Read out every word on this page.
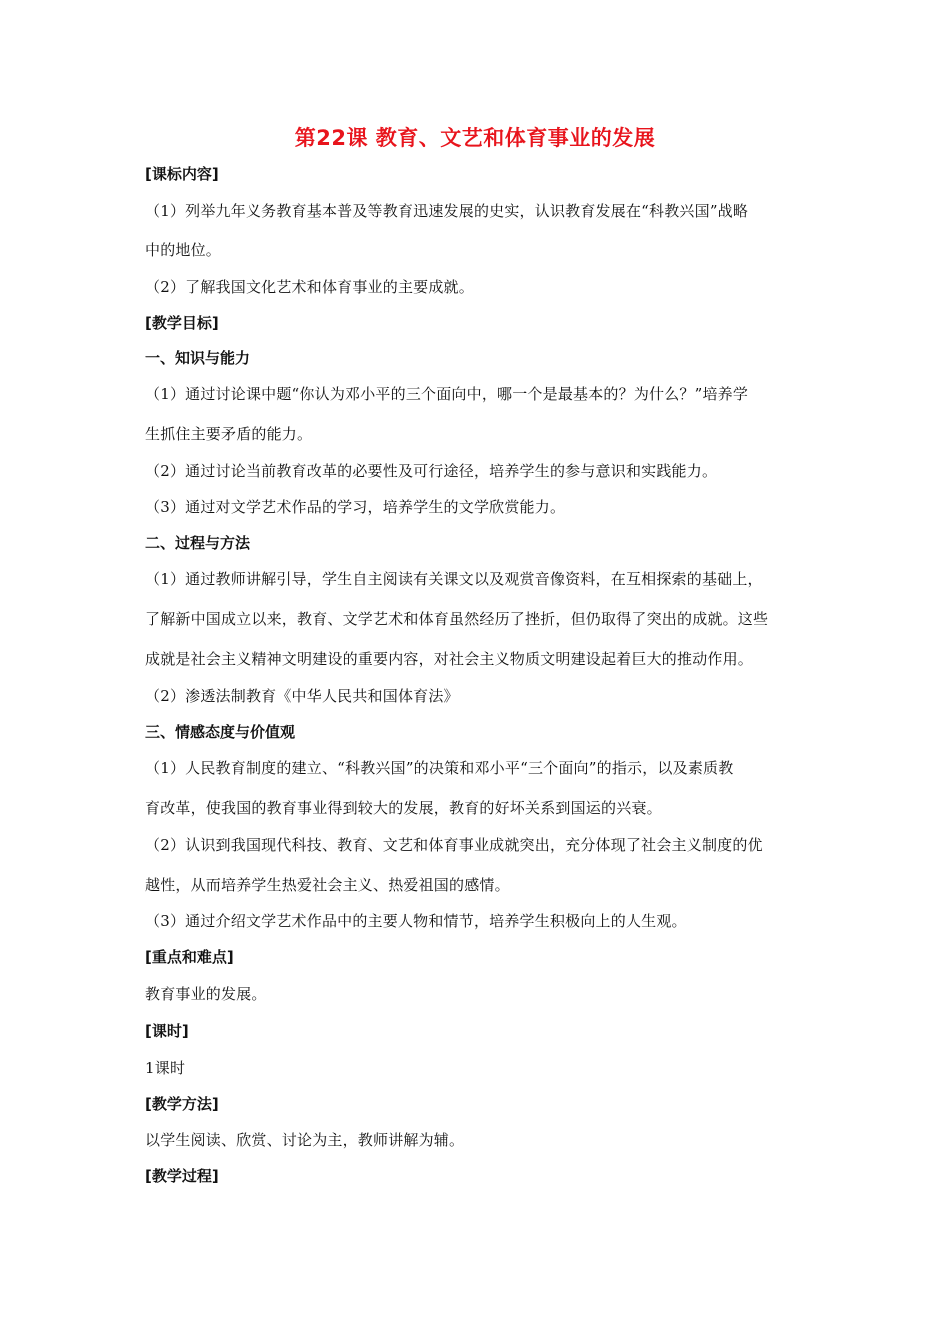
第22课 教育、文艺和体育事业的发展
[课标内容]
（1）列举九年义务教育基本普及等教育迅速发展的史实，认识教育发展在“科教兴国”战略
中的地位。
（2）了解我国文化艺术和体育事业的主要成就。
[教学目标]
一、知识与能力
（1）通过讨论课中题“你认为邓小平的三个面向中，哪一个是最基本的？为什么？”培养学
生抓住主要矛盾的能力。
（2）通过讨论当前教育改革的必要性及可行途径，培养学生的参与意识和实践能力。
（3）通过对文学艺术作品的学习，培养学生的文学欣赏能力。
二、过程与方法
（1）通过教师讲解引导，学生自主阅读有关课文以及观赏音像资料，在互相探索的基础上，
了解新中国成立以来，教育、文学艺术和体育虽然经历了挫折，但仍取得了突出的成就。这些
成就是社会主义精神文明建设的重要内容，对社会主义物质文明建设起着巨大的推动作用。
（2）渗透法制教育《中华人民共和国体育法》
三、情感态度与价值观
（1）人民教育制度的建立、“科教兴国”的决策和邓小平“三个面向”的指示，以及素质教
育改革，使我国的教育事业得到较大的发展，教育的好坏关系到国运的兴衰。
（2）认识到我国现代科技、教育、文艺和体育事业成就突出，充分体现了社会主义制度的优
越性，从而培养学生热爱社会主义、热爱祖国的感情。
（3）通过介绍文学艺术作品中的主要人物和情节，培养学生积极向上的人生观。
[重点和难点]
教育事业的发展。
[课时]
1课时
[教学方法]
以学生阅读、欣赏、讨论为主，教师讲解为辅。
[教学过程]
